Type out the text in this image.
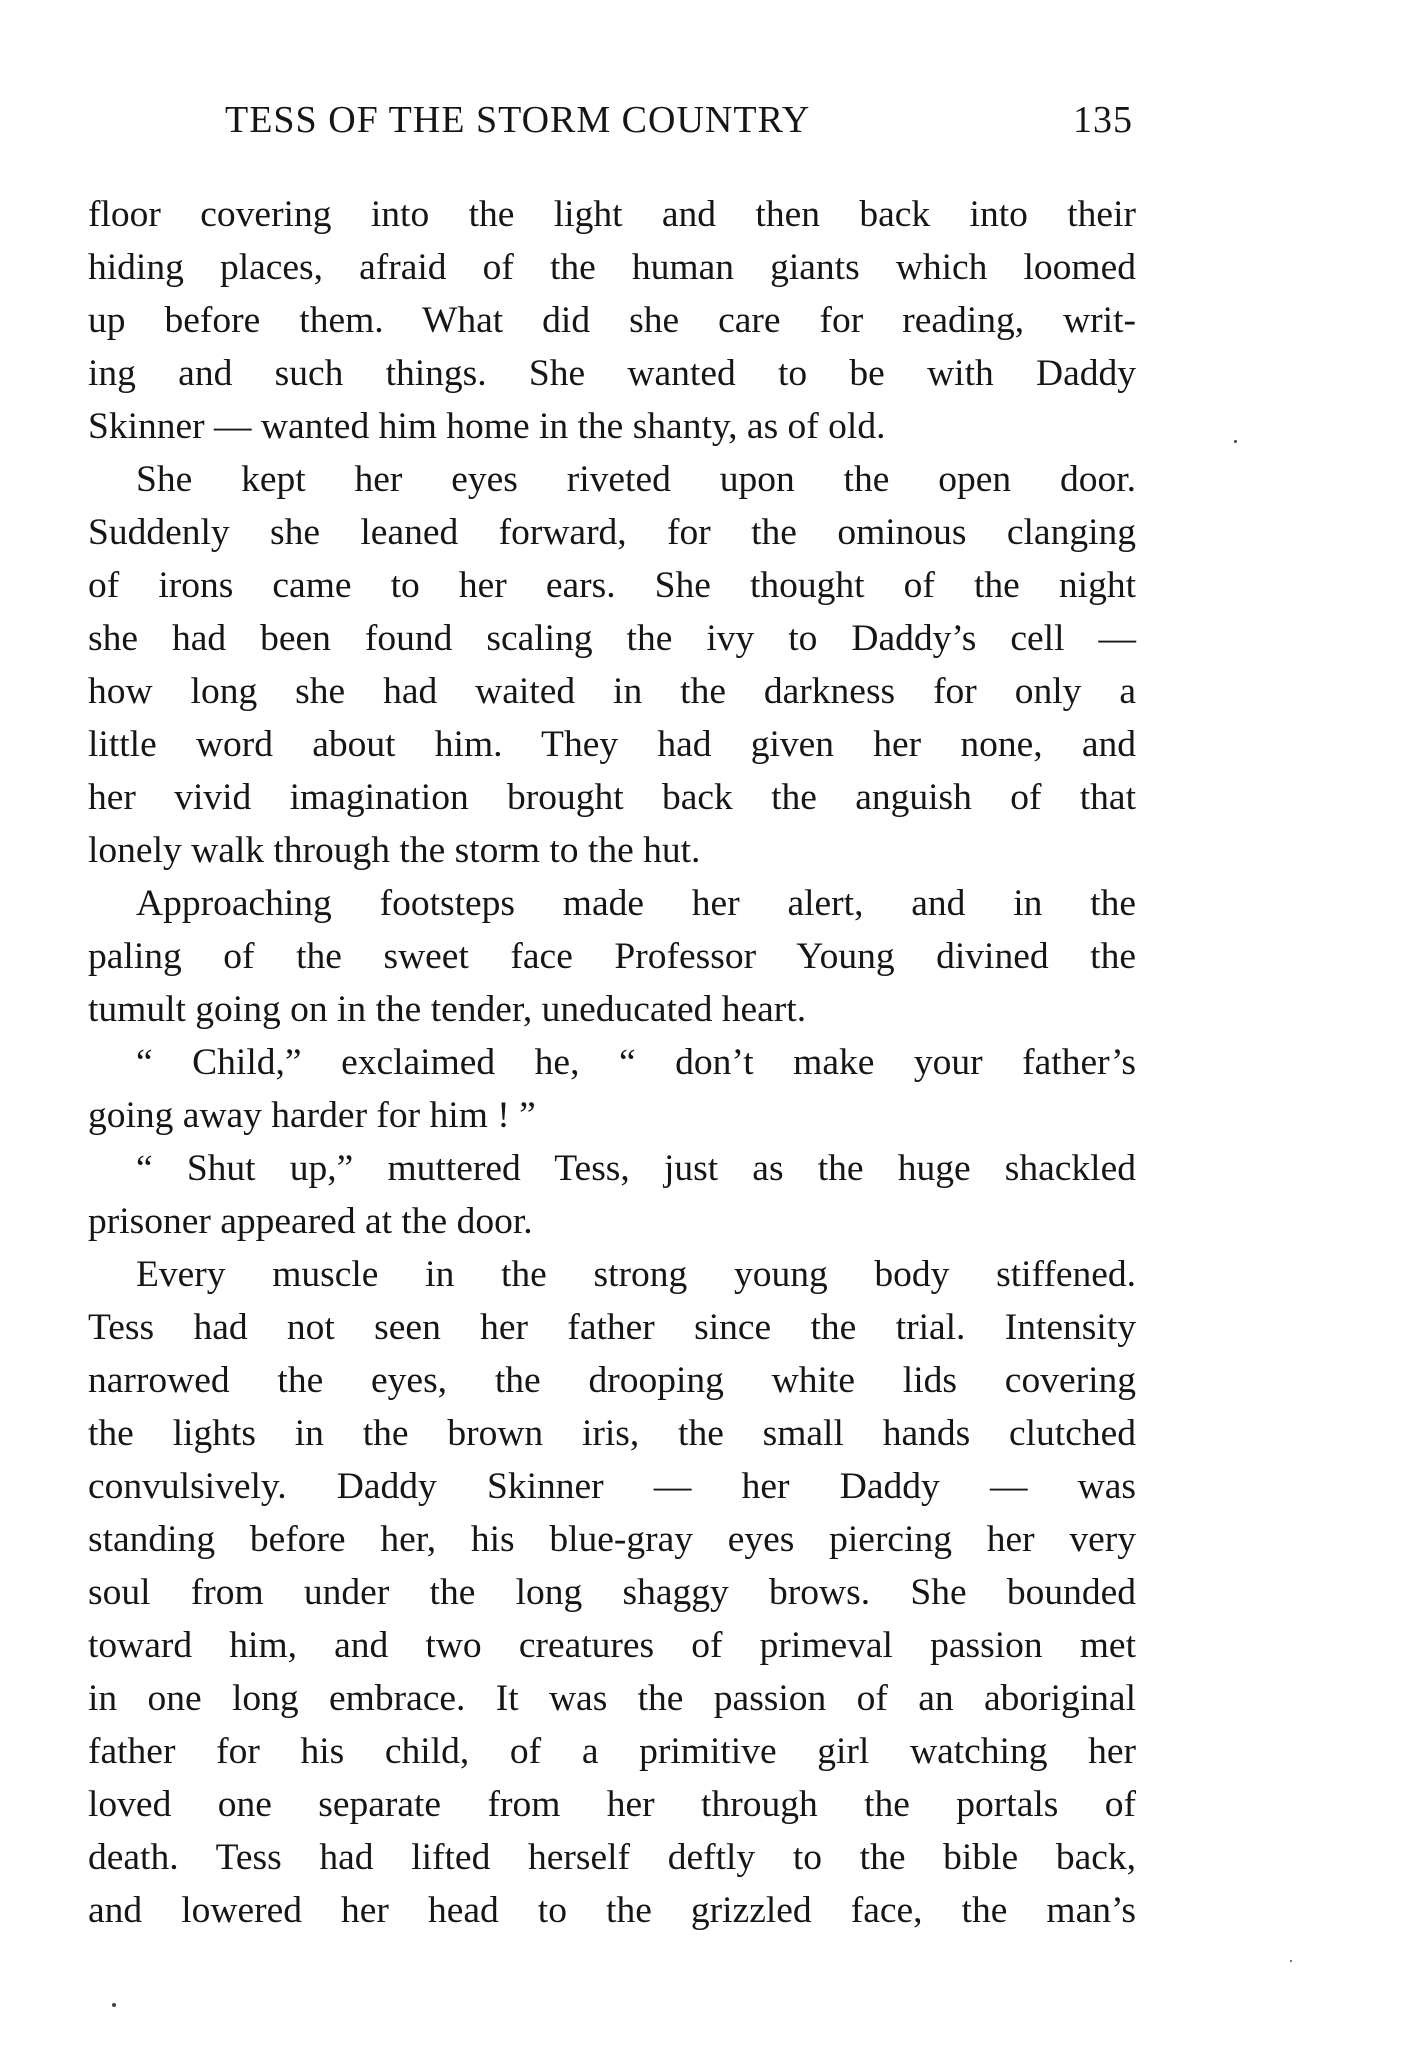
TESS OF THE STORM COUNTRY	135
floor covering into the light and then back into their
hiding places, afraid of the human giants which loomed
up before them. What did she care for reading, writ-
ing and such things. She wanted to be with Daddy
Skinner — wanted him home in the shanty, as of old.
She kept her eyes riveted upon the open door.
Suddenly she leaned forward, for the ominous clanging
of irons came to her ears. She thought of the night
she had been found scaling the ivy to Daddy’s cell —
how long she had waited in the darkness for only a
little word about him. They had given her none, and
her vivid imagination brought back the anguish of that
lonely walk through the storm to the hut.
Approaching footsteps made her alert, and in the
paling of the sweet face Professor Young divined the
tumult going on in the tender, uneducated heart.
“ Child,” exclaimed he, “ don’t make your father’s
going away harder for him ! ”
“ Shut up,” muttered Tess, just as the huge shackled
prisoner appeared at the door.
Every muscle in the strong young body stiffened.
Tess had not seen her father since the trial. Intensity
narrowed the eyes, the drooping white lids covering
the lights in the brown iris, the small hands clutched
convulsively. Daddy Skinner — her Daddy — was
standing before her, his blue-gray eyes piercing her very
soul from under the long shaggy brows. She bounded
toward him, and two creatures of primeval passion met
in one long embrace. It was the passion of an aboriginal
father for his child, of a primitive girl watching her
loved one separate from her through the portals of
death. Tess had lifted herself deftly to the bible back,
and lowered her head to the grizzled face, the man’s
